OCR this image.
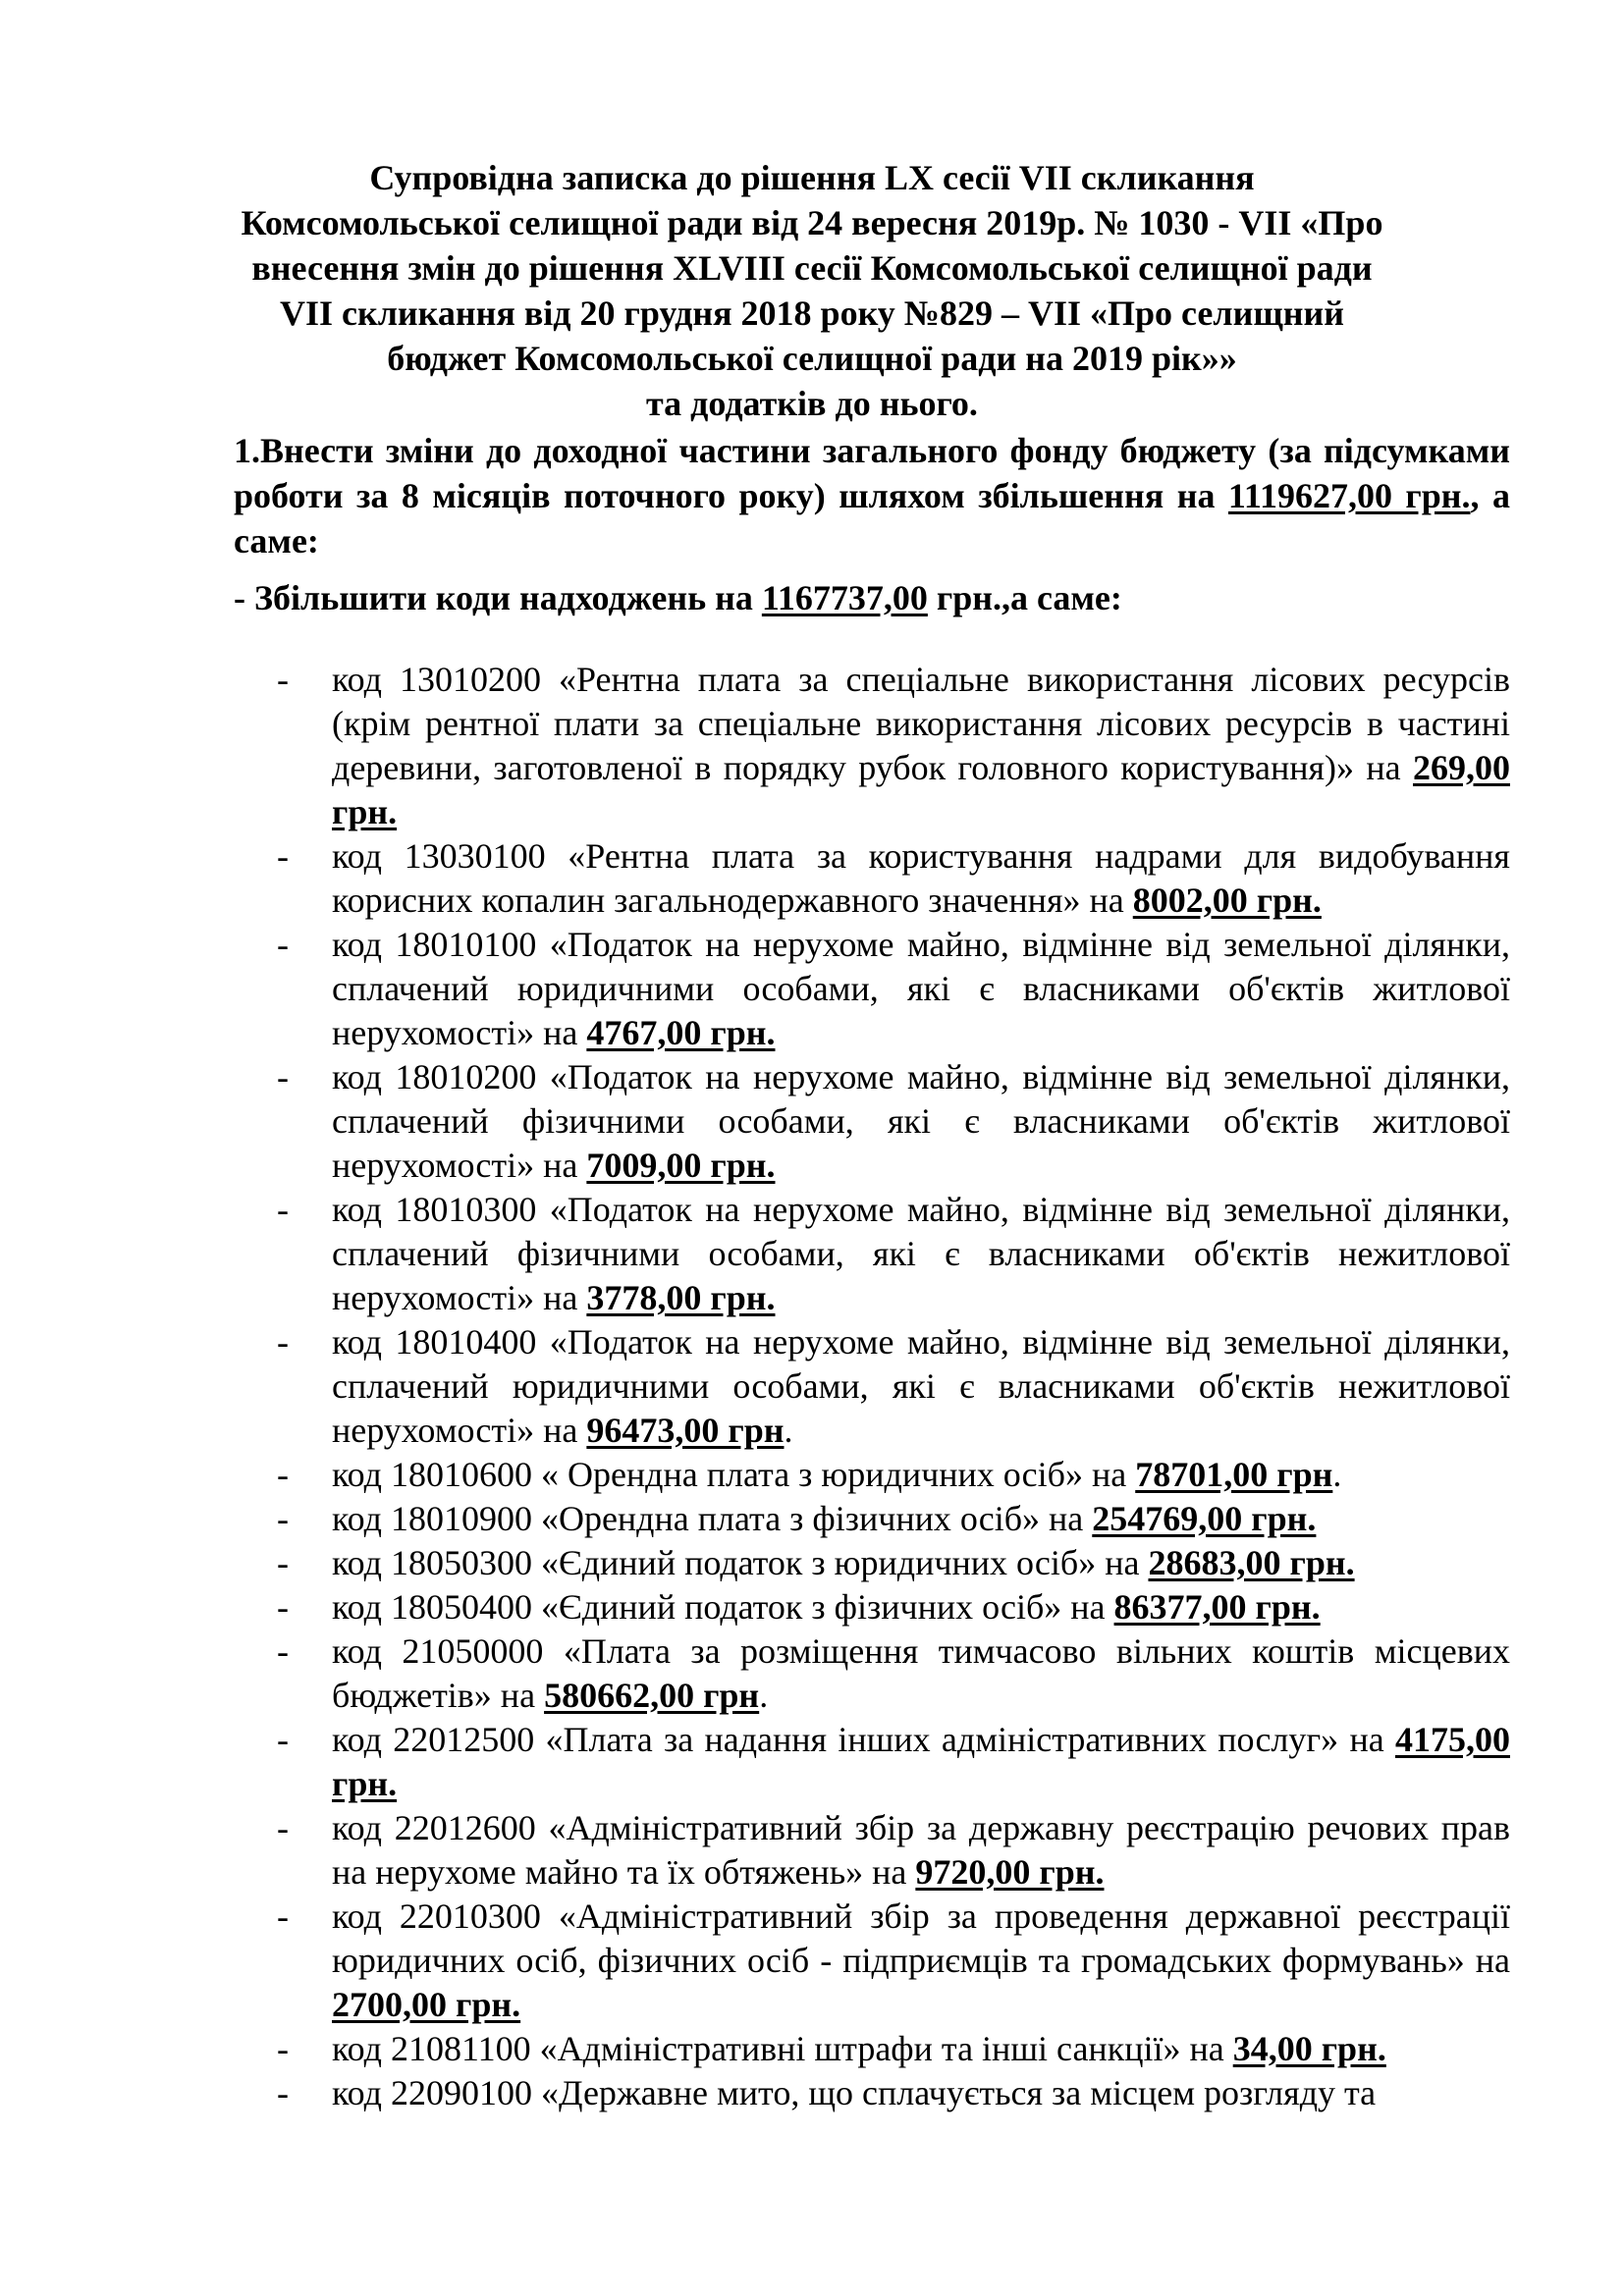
Супровідна записка до рішення LX сесії VII скликання
Комсомольської селищної ради від 24 вересня 2019р. № 1030 - VII «Про
внесення змін до рішення XLVIII сесії Комсомольської селищної ради
VII скликання від 20 грудня 2018 року №829 – VII «Про селищний
бюджет Комсомольської селищної ради на 2019 рік»»
та додатків до нього.
1.Внести зміни до доходної частини загального фонду бюджету (за підсумками роботи за 8 місяців поточного року) шляхом збільшення на 1119627,00 грн., а саме:
- Збільшити коди надходжень на 1167737,00 грн.,а саме:
- код 13010200 «Рентна плата за спеціальне використання лісових ресурсів (крім рентної плати за спеціальне використання лісових ресурсів в частині деревини, заготовленої в порядку рубок головного користування)» на 269,00 грн.
- код 13030100 «Рентна плата за користування надрами для видобування корисних копалин загальнодержавного значення» на 8002,00 грн.
- код 18010100 «Податок на нерухоме майно, відмінне від земельної ділянки, сплачений юридичними особами, які є власниками об'єктів житлової нерухомості» на 4767,00 грн.
- код 18010200 «Податок на нерухоме майно, відмінне від земельної ділянки, сплачений фізичними особами, які є власниками об'єктів житлової нерухомості» на 7009,00 грн.
- код 18010300 «Податок на нерухоме майно, відмінне від земельної ділянки, сплачений фізичними особами, які є власниками об'єктів нежитлової нерухомості» на 3778,00 грн.
- код 18010400 «Податок на нерухоме майно, відмінне від земельної ділянки, сплачений юридичними особами, які є власниками об'єктів нежитлової нерухомості» на 96473,00 грн.
- код 18010600 « Орендна плата з юридичних осіб» на 78701,00 грн.
- код 18010900 «Орендна плата з фізичних осіб» на 254769,00 грн.
- код 18050300 «Єдиний податок з юридичних осіб» на 28683,00 грн.
- код 18050400 «Єдиний податок з фізичних осіб» на 86377,00 грн.
- код 21050000 «Плата за розміщення тимчасово вільних коштів місцевих бюджетів» на 580662,00 грн.
- код 22012500 «Плата за надання інших адміністративних послуг» на 4175,00 грн.
- код 22012600 «Адміністративний збір за державну реєстрацію речових прав на нерухоме майно та їх обтяжень» на 9720,00 грн.
- код 22010300 «Адміністративний збір за проведення державної реєстрації юридичних осіб, фізичних осіб - підприємців та громадських формувань» на 2700,00 грн.
- код 21081100 «Адміністративні штрафи та інші санкції» на 34,00 грн.
- код 22090100 «Державне мито, що сплачується за місцем розгляду та
